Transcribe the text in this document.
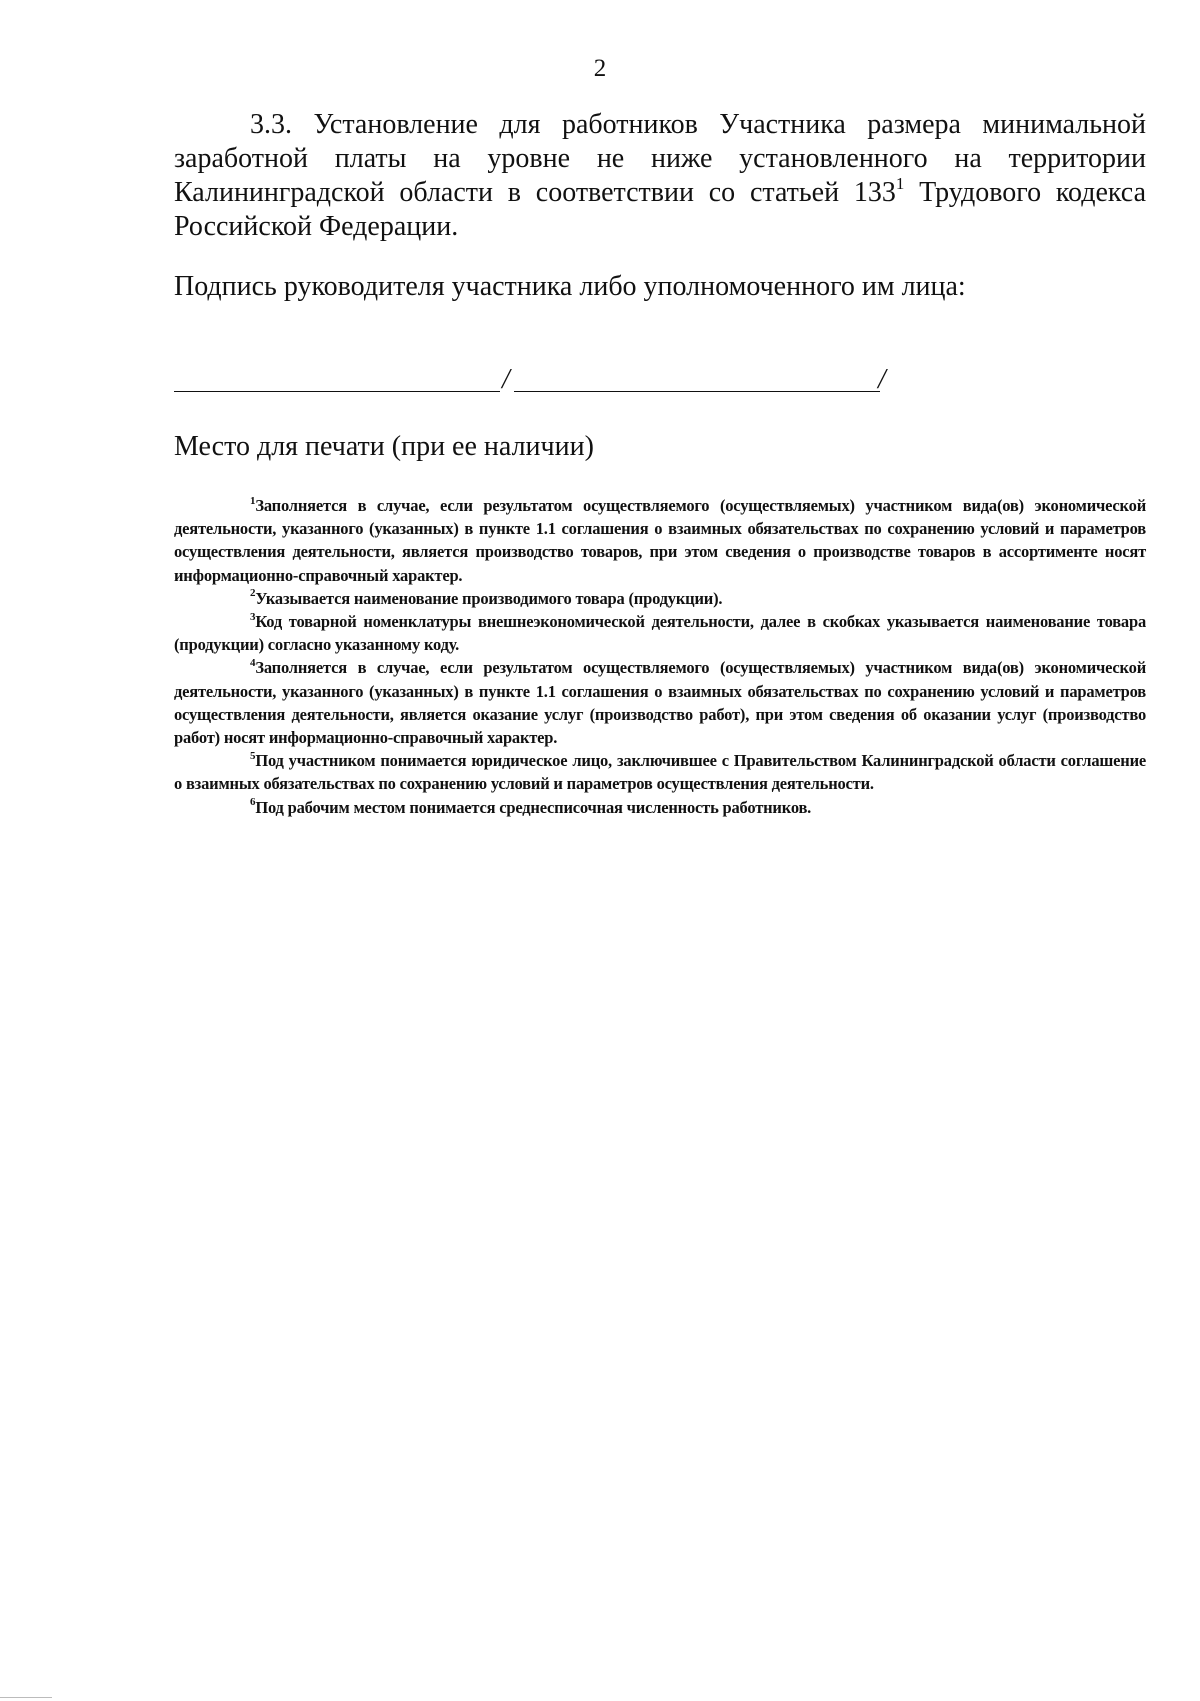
2

3.3. Установление для работников Участника размера минимальной заработной платы на уровне не ниже установленного на территории Калининградской области в соответствии со статьей $133^1$ Трудового кодекса Российской Федерации.

Подпись руководителя участника либо уполномоченного им лица:

/	/

Место для печати (при ее наличии)

$^1$Заполняется в случае, если результатом осуществляемого (осуществляемых) участником вида(ов) экономической деятельности, указанного (указанных) в пункте 1.1 соглашения о взаимных обязательствах по сохранению условий и параметров осуществления деятельности, является производство товаров, при этом сведения о производстве товаров в ассортименте носят информационно-справочный характер.

$^2$Указывается наименование производимого товара (продукции).

$^3$Код товарной номенклатуры внешнеэкономической деятельности, далее в скобках указывается наименование товара (продукции) согласно указанному коду.

$^4$Заполняется в случае, если результатом осуществляемого (осуществляемых) участником вида(ов) экономической деятельности, указанного (указанных) в пункте 1.1 соглашения о взаимных обязательствах по сохранению условий и параметров осуществления деятельности, является оказание услуг (производство работ), при этом сведения об оказании услуг (производство работ) носят информационно-справочный характер.

$^5$Под участником понимается юридическое лицо, заключившее с Правительством Калининградской области соглашение о взаимных обязательствах по сохранению условий и параметров осуществления деятельности.

$^6$Под рабочим местом понимается среднесписочная численность работников.
